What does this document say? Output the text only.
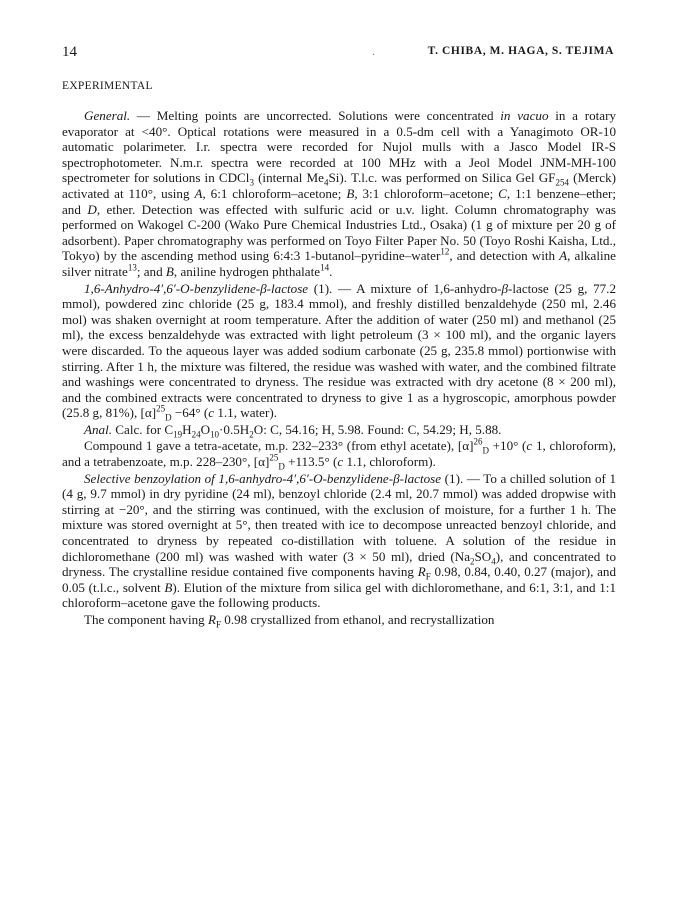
14	.	T. CHIBA, M. HAGA, S. TEJIMA
EXPERIMENTAL

General. — Melting points are uncorrected. Solutions were concentrated in vacuo in a rotary evaporator at <40°. Optical rotations were measured in a 0.5-dm cell with a Yanagimoto OR-10 automatic polarimeter. I.r. spectra were recorded for Nujol mulls with a Jasco Model IR-S spectrophotometer. N.m.r. spectra were recorded at 100 MHz with a Jeol Model JNM-MH-100 spectrometer for solutions in CDCl$_3$ (internal $Me_4Si$). T.l.c. was performed on Silica Gel $GF_{254}$ (Merck) activated at 110°, using A, 6:1 chloroform–acetone; B, 3:1 chloroform–acetone; C, 1:1 benzene–ether; and D, ether. Detection was effected with sulfuric acid or u.v. light. Column chromatography was performed on Wakogel C-200 (Wako Pure Chemical Industries Ltd., Osaka) (1 g of mixture per 20 g of adsorbent). Paper chromatography was performed on Toyo Filter Paper No. 50 (Toyo Roshi Kaisha, Ltd., Tokyo) by the ascending method using 6:4:3 1-butanol–pyridine–water$^{12}$, and detection with A, alkaline silver nitrate$^{13}$; and B, aniline hydrogen phthalate$^{14}$.

1,6-Anhydro-4′,6′-O-benzylidene-β-lactose (1). — A mixture of 1,6-anhydro-β-lactose (25 g, 77.2 mmol), powdered zinc chloride (25 g, 183.4 mmol), and freshly distilled benzaldehyde (250 ml, 2.46 mol) was shaken overnight at room temperature. After the addition of water (250 ml) and methanol (25 ml), the excess benzaldehyde was extracted with light petroleum (3 × 100 ml), and the organic layers were discarded. To the aqueous layer was added sodium carbonate (25 g, 235.8 mmol) portionwise with stirring. After 1 h, the mixture was filtered, the residue was washed with water, and the combined filtrate and washings were concentrated to dryness. The residue was extracted with dry acetone (8 × 200 ml), and the combined extracts were concentrated to dryness to give 1 as a hygroscopic, amorphous powder (25.8 g, 81%), $[\alpha]^{25}_D -64^\circ$ (c 1.1, water).

Anal. Calc. for $C_{19}H_{24}O_{10}\cdot 0.5H_2O$: C, 54.16; H, 5.98. Found: C, 54.29; H, 5.88.

Compound 1 gave a tetra-acetate, m.p. 232–233° (from ethyl acetate), $[\alpha]^{26}_D +10^\circ$ (c 1, chloroform), and a tetrabenzoate, m.p. 228–230°, $[\alpha]^{25}_D +113.5^\circ$ (c 1.1, chloroform).

Selective benzoylation of 1,6-anhydro-4′,6′-O-benzylidene-β-lactose (1). — To a chilled solution of 1 (4 g, 9.7 mmol) in dry pyridine (24 ml), benzoyl chloride (2.4 ml, 20.7 mmol) was added dropwise with stirring at −20°, and the stirring was continued, with the exclusion of moisture, for a further 1 h. The mixture was stored overnight at 5°, then treated with ice to decompose unreacted benzoyl chloride, and concentrated to dryness by repeated co-distillation with toluene. A solution of the residue in dichloromethane (200 ml) was washed with water (3 × 50 ml), dried $(Na_2SO_4)$, and concentrated to dryness. The crystalline residue contained five components having $R_F$ 0.98, 0.84, 0.40, 0.27 (major), and 0.05 (t.l.c., solvent B). Elution of the mixture from silica gel with dichloromethane, and 6:1, 3:1, and 1:1 chloroform–acetone gave the following products.

The component having $R_F$ 0.98 crystallized from ethanol, and recrystallization
